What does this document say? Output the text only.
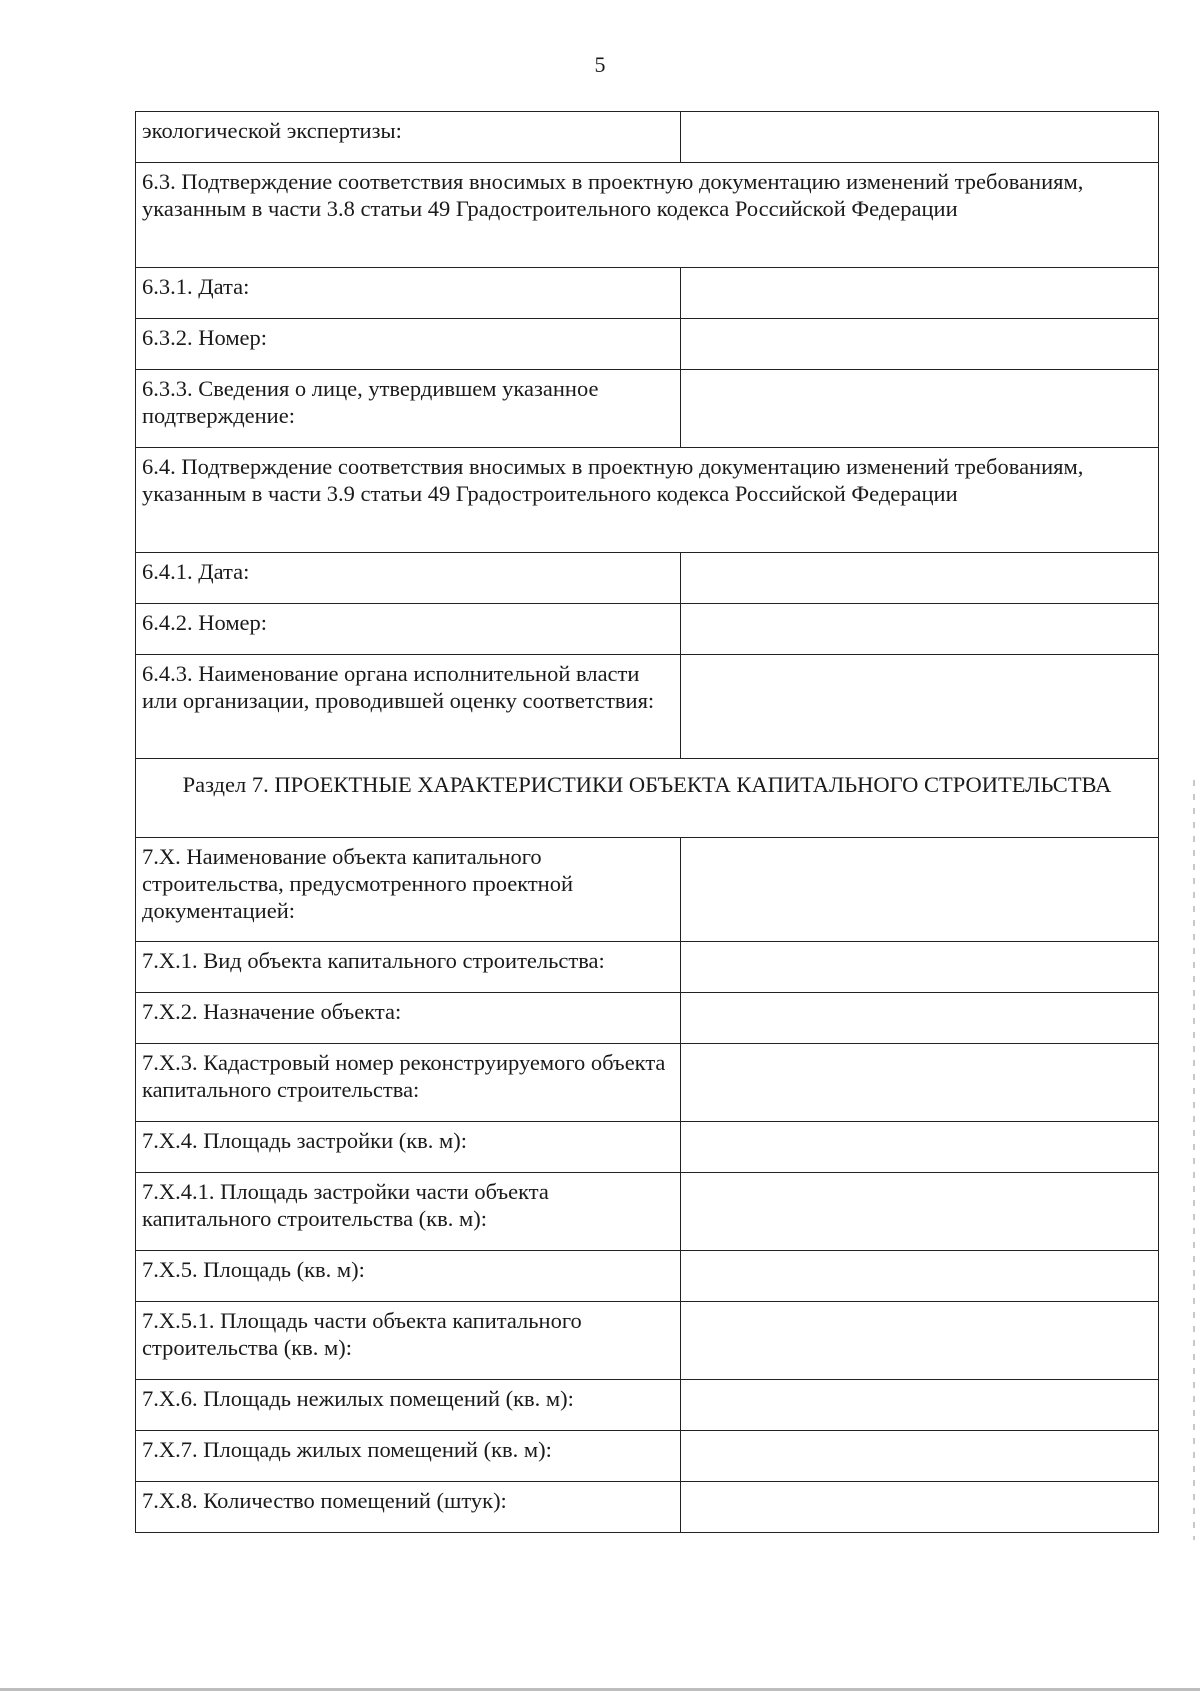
5
экологической экспертизы:	
6.3. Подтверждение соответствия вносимых в проектную документацию изменений требованиям, указанным в части 3.8 статьи 49 Градостроительного кодекса Российской Федерации	
6.3.1. Дата:	
6.3.2. Номер:	
6.3.3. Сведения о лице, утвердившем указанное подтверждение:	
6.4. Подтверждение соответствия вносимых в проектную документацию изменений требованиям, указанным в части 3.9 статьи 49 Градостроительного кодекса Российской Федерации	
6.4.1. Дата:	
6.4.2. Номер:	
6.4.3. Наименование органа исполнительной власти или организации, проводившей оценку соответствия:	
Раздел 7. ПРОЕКТНЫЕ ХАРАКТЕРИСТИКИ ОБЪЕКТА КАПИТАЛЬНОГО СТРОИТЕЛЬСТВА	
7.X. Наименование объекта капитального строительства, предусмотренного проектной документацией:	
7.X.1. Вид объекта капитального строительства:	
7.X.2. Назначение объекта:	
7.X.3. Кадастровый номер реконструируемого объекта капитального строительства:	
7.X.4. Площадь застройки (кв. м):	
7.X.4.1. Площадь застройки части объекта капитального строительства (кв. м):	
7.X.5. Площадь (кв. м):	
7.X.5.1. Площадь части объекта капитального строительства (кв. м):	
7.X.6. Площадь нежилых помещений (кв. м):	
7.X.7. Площадь жилых помещений (кв. м):	
7.X.8. Количество помещений (штук):	
